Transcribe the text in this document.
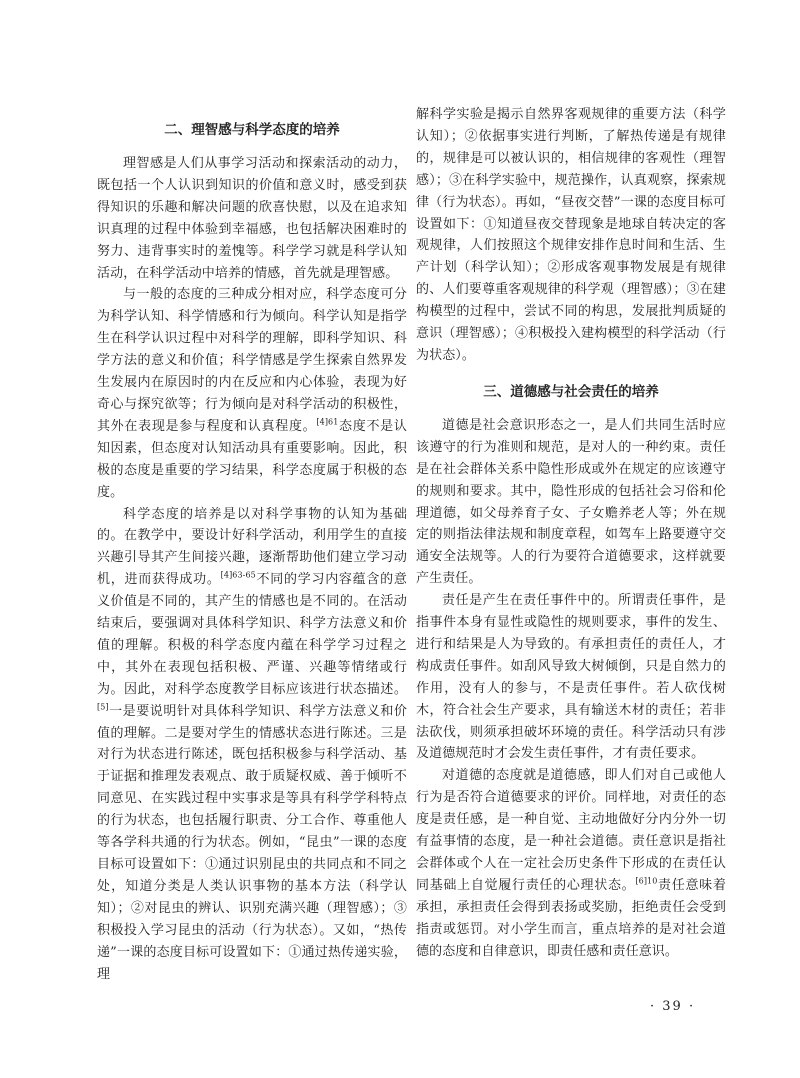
二、理智感与科学态度的培养

理智感是人们从事学习活动和探索活动的动力，既包括一个人认识到知识的价值和意义时，感受到获得知识的乐趣和解决问题的欣喜快慰，以及在追求知识真理的过程中体验到幸福感，也包括解决困难时的努力、违背事实时的羞愧等。科学学习就是科学认知活动，在科学活动中培养的情感，首先就是理智感。

与一般的态度的三种成分相对应，科学态度可分为科学认知、科学情感和行为倾向。科学认知是指学生在科学认识过程中对科学的理解，即科学知识、科学方法的意义和价值；科学情感是学生探索自然界发生发展内在原因时的内在反应和内心体验，表现为好奇心与探究欲等；行为倾向是对科学活动的积极性，其外在表现是参与程度和认真程度。$^{[4]61}$态度不是认知因素，但态度对认知活动具有重要影响。因此，积极的态度是重要的学习结果，科学态度属于积极的态度。

科学态度的培养是以对科学事物的认知为基础的。在教学中，要设计好科学活动，利用学生的直接兴趣引导其产生间接兴趣，逐渐帮助他们建立学习动机，进而获得成功。$^{[4]63-65}$不同的学习内容蕴含的意义价值是不同的，其产生的情感也是不同的。在活动结束后，要强调对具体科学知识、科学方法意义和价值的理解。积极的科学态度内蕴在科学学习过程之中，其外在表现包括积极、严谨、兴趣等情绪或行为。因此，对科学态度教学目标应该进行状态描述。[5]一是要说明针对具体科学知识、科学方法意义和价值的理解。二是要对学生的情感状态进行陈述。三是对行为状态进行陈述，既包括积极参与科学活动、基于证据和推理发表观点、敢于质疑权威、善于倾听不同意见、在实践过程中实事求是等具有科学学科特点的行为状态，也包括履行职责、分工合作、尊重他人等各学科共通的行为状态。例如，“昆虫”一课的态度目标可设置如下：①通过识别昆虫的共同点和不同之处，知道分类是人类认识事物的基本方法（科学认知）；②对昆虫的辨认、识别充满兴趣（理智感）；③积极投入学习昆虫的活动（行为状态）。又如，“热传递”一课的态度目标可设置如下：①通过热传递实验，理

解科学实验是揭示自然界客观规律的重要方法（科学认知）；②依据事实进行判断，了解热传递是有规律的，规律是可以被认识的，相信规律的客观性（理智感）；③在科学实验中，规范操作，认真观察，探索规律（行为状态）。再如，“昼夜交替”一课的态度目标可设置如下：①知道昼夜交替现象是地球自转决定的客观规律，人们按照这个规律安排作息时间和生活、生产计划（科学认知）；②形成客观事物发展是有规律的、人们要尊重客观规律的科学观（理智感）；③在建构模型的过程中，尝试不同的构思，发展批判质疑的意识（理智感）；④积极投入建构模型的科学活动（行为状态）。

三、道德感与社会责任的培养

道德是社会意识形态之一，是人们共同生活时应该遵守的行为准则和规范，是对人的一种约束。责任是在社会群体关系中隐性形成或外在规定的应该遵守的规则和要求。其中，隐性形成的包括社会习俗和伦理道德，如父母养育子女、子女赡养老人等；外在规定的则指法律法规和制度章程，如驾车上路要遵守交通安全法规等。人的行为要符合道德要求，这样就要产生责任。

责任是产生在责任事件中的。所谓责任事件，是指事件本身有显性或隐性的规则要求，事件的发生、进行和结果是人为导致的。有承担责任的责任人，才构成责任事件。如刮风导致大树倾倒，只是自然力的作用，没有人的参与，不是责任事件。若人砍伐树木，符合社会生产要求，具有输送木材的责任；若非法砍伐，则须承担破坏环境的责任。科学活动只有涉及道德规范时才会发生责任事件，才有责任要求。

对道德的态度就是道德感，即人们对自己或他人行为是否符合道德要求的评价。同样地，对责任的态度是责任感，是一种自觉、主动地做好分内分外一切有益事情的态度，是一种社会道德。责任意识是指社会群体或个人在一定社会历史条件下形成的在责任认同基础上自觉履行责任的心理状态。$^{[6]10}$责任意味着承担，承担责任会得到表扬或奖励，拒绝责任会受到指责或惩罚。对小学生而言，重点培养的是对社会道德的态度和自律意识，即责任感和责任意识。

· 39 ·
